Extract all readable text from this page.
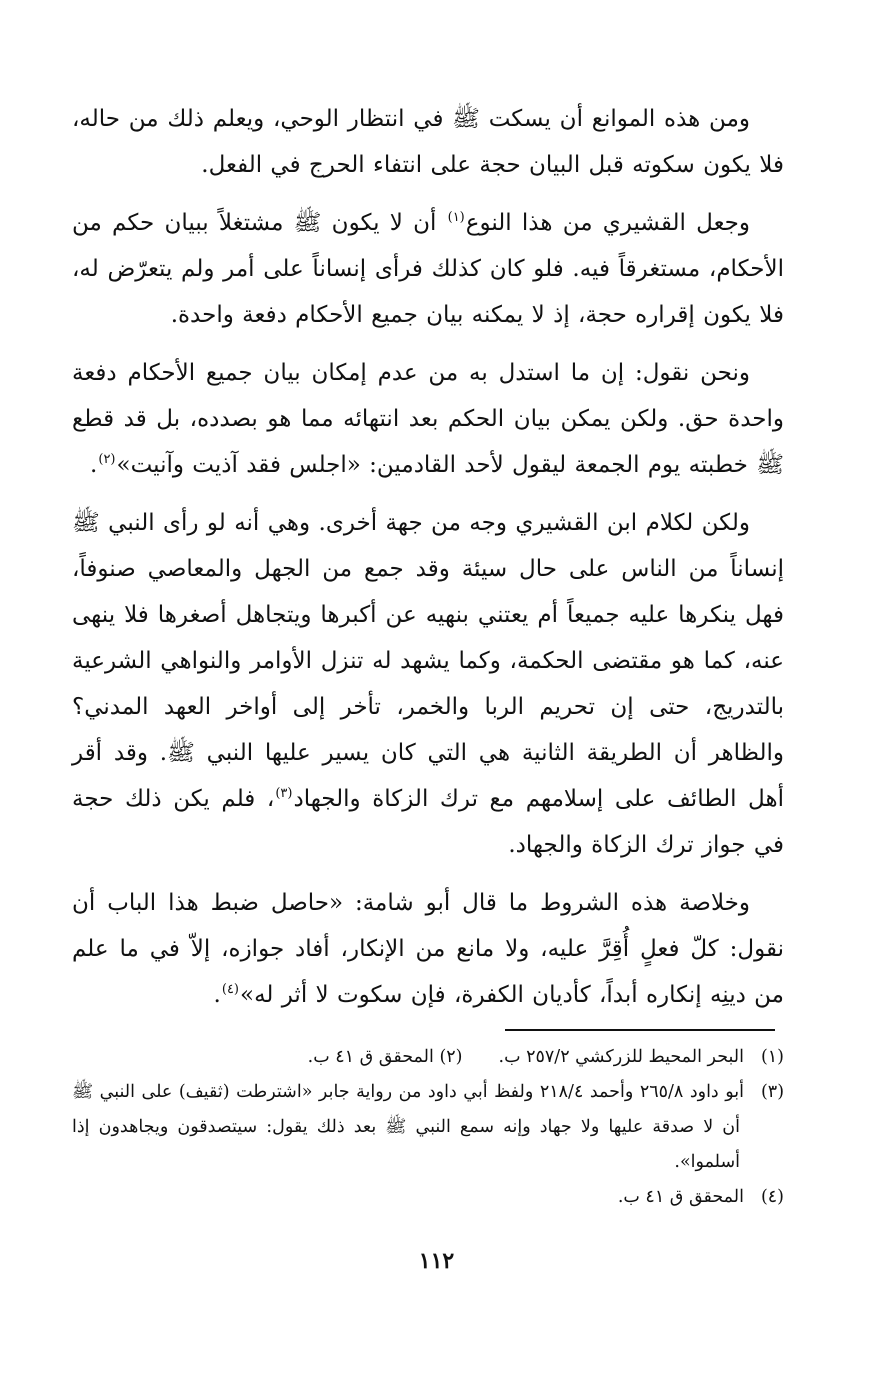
ومن هذه الموانع أن يسكت ﷺ في انتظار الوحي، ويعلم ذلك من حاله، فلا يكون سكوته قبل البيان حجة على انتفاء الحرج في الفعل.

وجعل القشيري من هذا النوع$^{(١)}$ أن لا يكون ﷺ مشتغلاً ببيان حكم من الأحكام، مستغرقاً فيه. فلو كان كذلك فرأى إنساناً على أمر ولم يتعرّض له، فلا يكون إقراره حجة، إذ لا يمكنه بيان جميع الأحكام دفعة واحدة.

ونحن نقول: إن ما استدل به من عدم إمكان بيان جميع الأحكام دفعة واحدة حق. ولكن يمكن بيان الحكم بعد انتهائه مما هو بصدده، بل قد قطع ﷺ خطبته يوم الجمعة ليقول لأحد القادمين: «اجلس فقد آذيت وآنيت»$^{(٢)}$.

ولكن لكلام ابن القشيري وجه من جهة أخرى. وهي أنه لو رأى النبي ﷺ إنساناً من الناس على حال سيئة وقد جمع من الجهل والمعاصي صنوفاً، فهل ينكرها عليه جميعاً أم يعتني بنهيه عن أكبرها ويتجاهل أصغرها فلا ينهى عنه، كما هو مقتضى الحكمة، وكما يشهد له تنزل الأوامر والنواهي الشرعية بالتدريج، حتى إن تحريم الربا والخمر، تأخر إلى أواخر العهد المدني؟ والظاهر أن الطريقة الثانية هي التي كان يسير عليها النبي ﷺ. وقد أقر أهل الطائف على إسلامهم مع ترك الزكاة والجهاد$^{(٣)}$، فلم يكن ذلك حجة في جواز ترك الزكاة والجهاد.

وخلاصة هذه الشروط ما قال أبو شامة: «حاصل ضبط هذا الباب أن نقول: كلّ فعلٍ أُقِرَّ عليه، ولا مانع من الإنكار، أفاد جوازه، إلاّ في ما علم من دينِه إنكاره أبداً، كأديان الكفرة، فإن سكوت لا أثر له»$^{(٤)}$.

(١)البحر المحيط للزركشي ٢٥٧/٢ ب.(٢) المحقق ق ٤١ ب.

(٣)أبو داود ٢٦٥/٨ وأحمد ٢١٨/٤ ولفظ أبي داود من رواية جابر «اشترطت (ثقيف) على النبي ﷺ أن لا صدقة عليها ولا جهاد وإنه سمع النبي ﷺ بعد ذلك يقول: سيتصدقون ويجاهدون إذا أسلموا».

(٤)المحقق ق ٤١ ب.

١١٢
